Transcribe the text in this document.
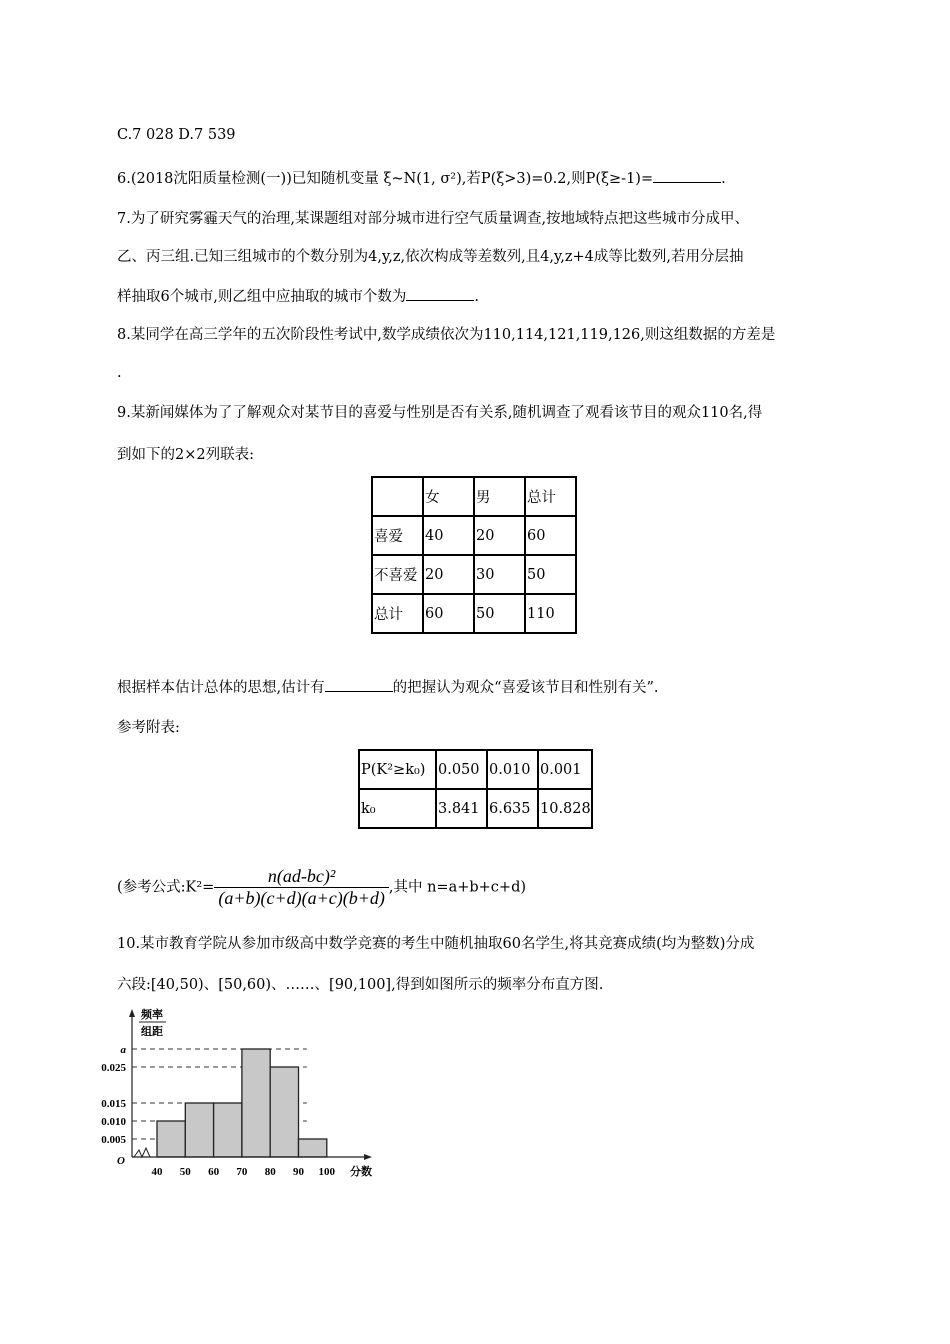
C.7 028 D.7 539
6.(2018沈阳质量检测(一))已知随机变量 ξ~N(1, σ²),若P(ξ>3)=0.2,则P(ξ≥-1)=	.
7.为了研究雾霾天气的治理,某课题组对部分城市进行空气质量调查,按地域特点把这些城市分成甲、
乙、丙三组.已知三组城市的个数分别为4,y,z,依次构成等差数列,且4,y,z+4成等比数列,若用分层抽
样抽取6个城市,则乙组中应抽取的城市个数为	.
8.某同学在高三学年的五次阶段性考试中,数学成绩依次为110,114,121,119,126,则这组数据的方差是
.
9.某新闻媒体为了了解观众对某节目的喜爱与性别是否有关系,随机调查了观看该节目的观众110名,得
到如下的2×2列联表:
	女	男	总计
喜爱	40	20	60
不喜爱	20	30	50
总计	60	50	110
根据样本估计总体的思想,估计有	的把握认为观众“喜爱该节目和性别有关”.
参考附表:
P(K²≥k₀)	0.050	0.010	0.001
k₀	3.841	6.635	10.828
(参考公式:K²= $\frac{\text{n(ad-bc)²}}{(a+b)(c+d)(a+c)(b+d)}$ ,其中 n=a+b+c+d)
10.某市教育学院从参加市级高中数学竞赛的考生中随机抽取60名学生,将其竞赛成绩(均为整数)分成
六段:[40,50)、[50,60)、……、[90,100],得到如图所示的频率分布直方图.
0.005
0.010
0.015
0.025
a
40 50 60 70 80 90 100
O
分数
频率
组距
